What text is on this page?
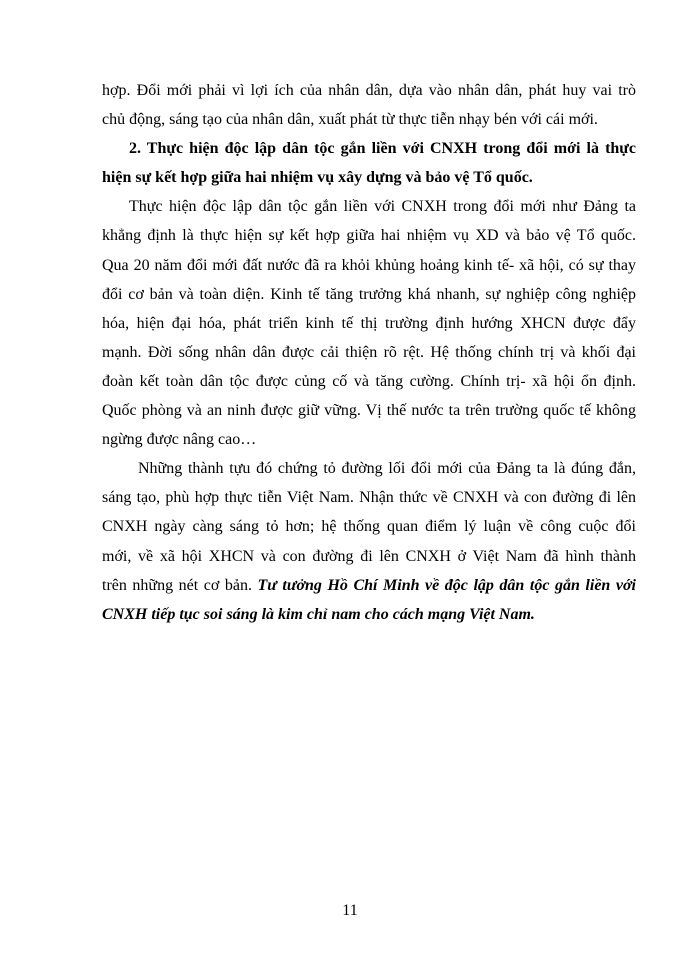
hợp. Đổi mới phải vì lợi ích của nhân dân, dựa vào nhân dân, phát huy vai trò
chủ động, sáng tạo của nhân dân, xuất phát từ thực tiễn nhạy bén với cái mới.
2. Thực hiện độc lập dân tộc gắn liền với CNXH trong đổi mới là thực
hiện sự kết hợp giữa hai nhiệm vụ xây dựng và bảo vệ Tổ quốc.
Thực hiện độc lập dân tộc gắn liền với CNXH trong đổi mới như Đảng ta
khẳng định là thực hiện sự kết hợp giữa hai nhiệm vụ XD và bảo vệ Tổ quốc.
Qua 20 năm đổi mới đất nước đã ra khỏi khủng hoảng kinh tế- xã hội, có sự thay
đổi cơ bản và toàn diện. Kinh tế tăng trưởng khá nhanh, sự nghiệp công nghiệp
hóa, hiện đại hóa, phát triển kinh tế thị trường định hướng XHCN được đẩy
mạnh. Đời sống nhân dân được cải thiện rõ rệt. Hệ thống chính trị và khối đại
đoàn kết toàn dân tộc được củng cố và tăng cường. Chính trị- xã hội ổn định.
Quốc phòng và an ninh được giữ vững. Vị thế nước ta trên trường quốc tế không
ngừng được nâng cao…
Những thành tựu đó chứng tỏ đường lối đổi mới của Đảng ta là đúng đắn,
sáng tạo, phù hợp thực tiễn Việt Nam. Nhận thức về CNXH và con đường đi lên
CNXH ngày càng sáng tỏ hơn; hệ thống quan điểm lý luận về công cuộc đổi
mới, về xã hội XHCN và con đường đi lên CNXH ở Việt Nam đã hình thành
trên những nét cơ bản. Tư tưởng Hồ Chí Minh về độc lập dân tộc gắn liền với
CNXH tiếp tục soi sáng là kim chỉ nam cho cách mạng Việt Nam.
11
